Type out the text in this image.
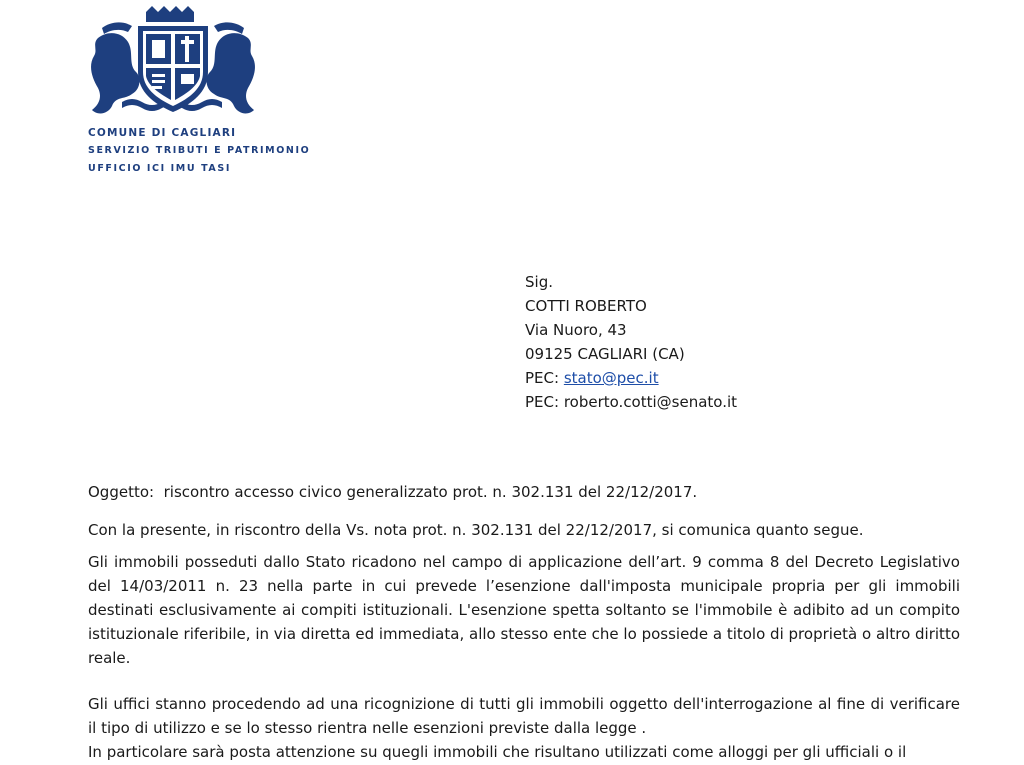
COMUNE DI CAGLIARI
SERVIZIO TRIBUTI E PATRIMONIO
UFFICIO ICI IMU TASI
Sig.
COTTI ROBERTO
Via Nuoro, 43
09125 CAGLIARI (CA)
PEC: stato@pec.it
PEC: roberto.cotti@senato.it

Oggetto: riscontro accesso civico generalizzato prot. n. 302.131 del 22/12/2017.

Con la presente, in riscontro della Vs. nota prot. n. 302.131 del 22/12/2017, si comunica quanto segue.

Gli immobili posseduti dallo Stato ricadono nel campo di applicazione dell’art. 9 comma 8 del Decreto Legislativo del 14/03/2011 n. 23 nella parte in cui prevede l’esenzione dall'imposta municipale propria per gli immobili destinati esclusivamente ai compiti istituzionali. L'esenzione spetta soltanto se l'immobile è adibito ad un compito istituzionale riferibile, in via diretta ed immediata, allo stesso ente che lo possiede a titolo di proprietà o altro diritto reale.

Gli uffici stanno procedendo ad una ricognizione di tutti gli immobili oggetto dell'interrogazione al fine di verificare il tipo di utilizzo e se lo stesso rientra nelle esenzioni previste dalla legge .

In particolare sarà posta attenzione su quegli immobili che risultano utilizzati come alloggi per gli ufficiali o il
